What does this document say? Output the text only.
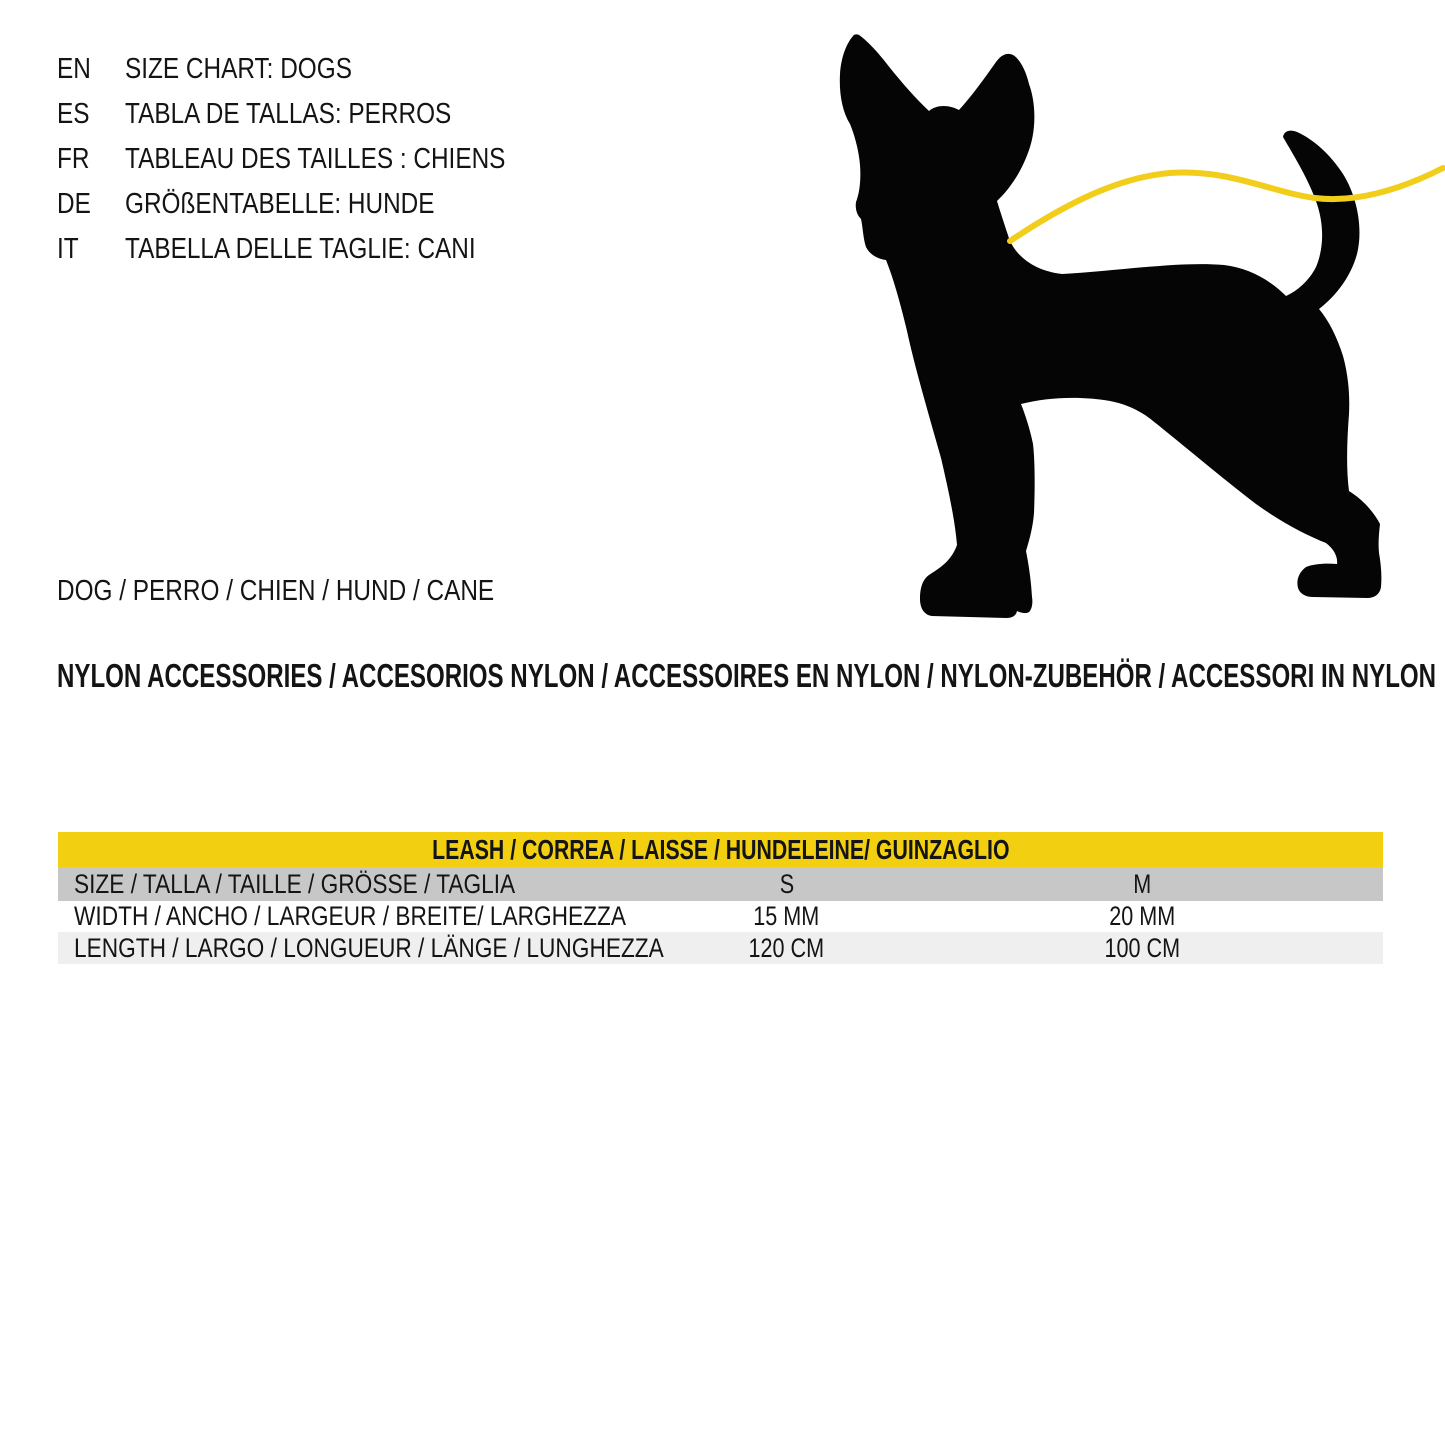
EN	SIZE CHART: DOGS
ES	TABLA DE TALLAS: PERROS
FR	TABLEAU DES TAILLES : CHIENS
DE	GRÖßENTABELLE: HUNDE
IT	TABELLA DELLE TAGLIE: CANI
DOG / PERRO / CHIEN / HUND / CANE
NYLON ACCESSORIES / ACCESORIOS NYLON / ACCESSOIRES EN NYLON / NYLON-ZUBEHÖR / ACCESSORI IN NYLON
LEASH / CORREA / LAISSE / HUNDELEINE/ GUINZAGLIO
SIZE / TALLA / TAILLE / GRÖSSE / TAGLIA	S	M
WIDTH / ANCHO / LARGEUR / BREITE/ LARGHEZZA	15 MM	20 MM
LENGTH / LARGO / LONGUEUR / LÄNGE / LUNGHEZZA	120 CM	100 CM
